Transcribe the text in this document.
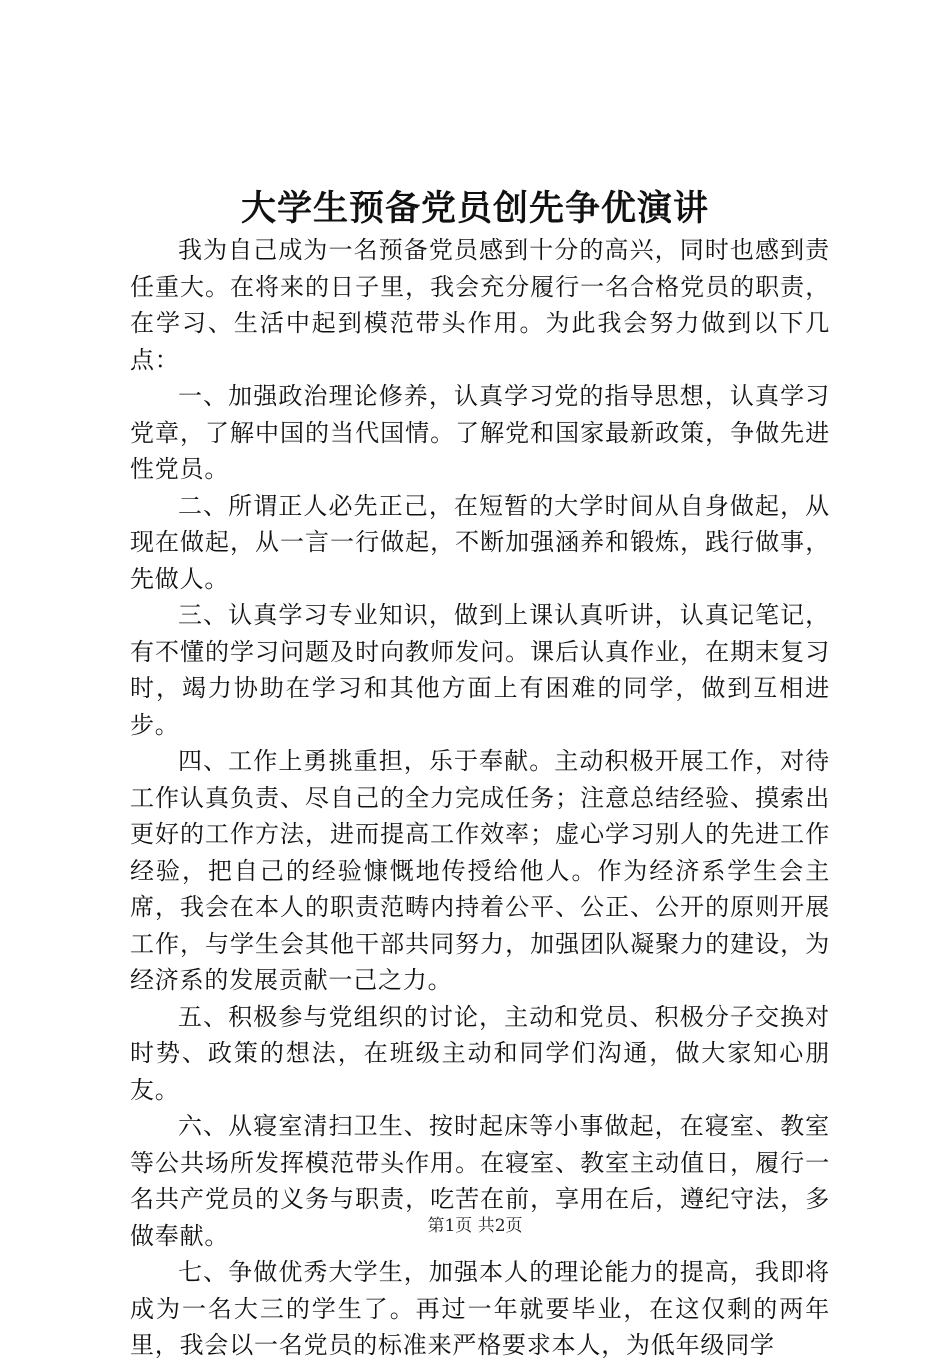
大学生预备党员创先争优演讲

我为自己成为一名预备党员感到十分的高兴，同时也感到责任重大。在将来的日子里，我会充分履行一名合格党员的职责，在学习、生活中起到模范带头作用。为此我会努力做到以下几点：

一、加强政治理论修养，认真学习党的指导思想，认真学习党章，了解中国的当代国情。了解党和国家最新政策，争做先进性党员。

二、所谓正人必先正己，在短暂的大学时间从自身做起，从现在做起，从一言一行做起，不断加强涵养和锻炼，践行做事，先做人。

三、认真学习专业知识，做到上课认真听讲，认真记笔记，有不懂的学习问题及时向教师发问。课后认真作业，在期末复习时，竭力协助在学习和其他方面上有困难的同学，做到互相进步。

四、工作上勇挑重担，乐于奉献。主动积极开展工作，对待工作认真负责、尽自己的全力完成任务；注意总结经验、摸索出更好的工作方法，进而提高工作效率；虚心学习别人的先进工作经验，把自己的经验慷慨地传授给他人。作为经济系学生会主席，我会在本人的职责范畴内持着公平、公正、公开的原则开展工作，与学生会其他干部共同努力，加强团队凝聚力的建设，为经济系的发展贡献一己之力。

五、积极参与党组织的讨论，主动和党员、积极分子交换对时势、政策的想法，在班级主动和同学们沟通，做大家知心朋友。

六、从寝室清扫卫生、按时起床等小事做起，在寝室、教室等公共场所发挥模范带头作用。在寝室、教室主动值日，履行一名共产党员的义务与职责，吃苦在前，享用在后，遵纪守法，多做奉献。

七、争做优秀大学生，加强本人的理论能力的提高，我即将成为一名大三的学生了。再过一年就要毕业，在这仅剩的两年里，我会以一名党员的标准来严格要求本人，为低年级同学

第1页 共2页
